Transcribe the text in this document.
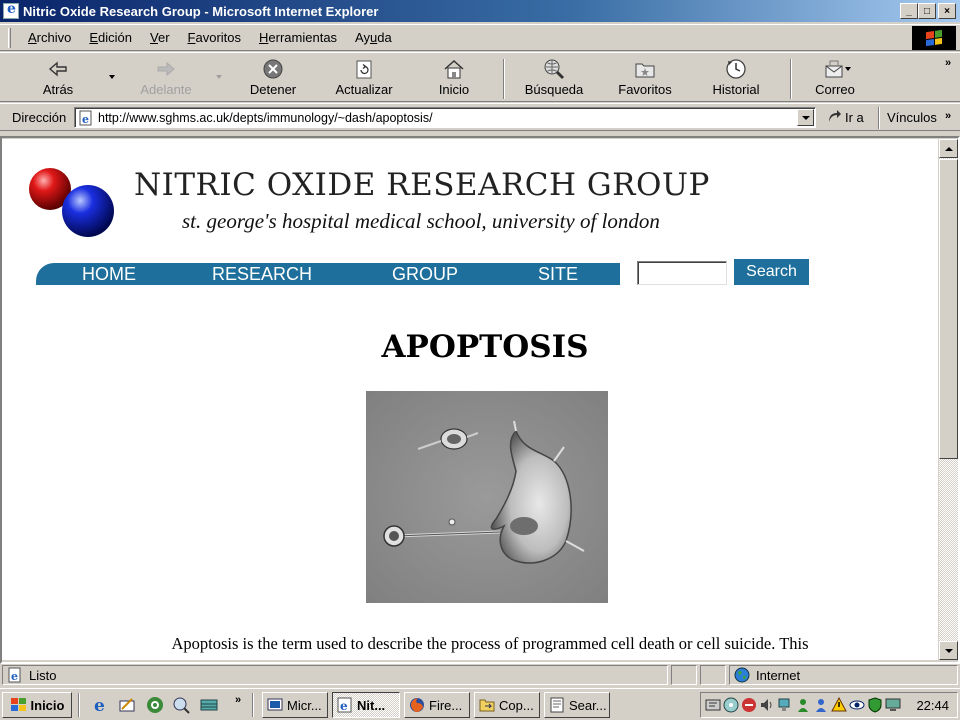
e
Nitric Oxide Research Group - Microsoft Internet Explorer	_ □ ×
Archivo	Edición	Ver	Favoritos	Herramientas	Ayuda
Atrás	Adelante	Detener	Actualizar	Inicio	Búsqueda	Favoritos	Historial	Correo
»
Dirección e http://www.sghms.ac.uk/depts/immunology/~dash/apoptosis/	Ir a Vínculos »
NITRIC OXIDE RESEARCH GROUP
st. george's hospital medical school, university of london
HOME	RESEARCH	GROUP	SITE	Search
APOPTOSIS
Apoptosis is the term used to describe the process of programmed cell death or cell suicide. This
e Listo	Internet
Inicio e	»	Micr... e Nit...	Fire...	Cop...	Sear...	22:44
